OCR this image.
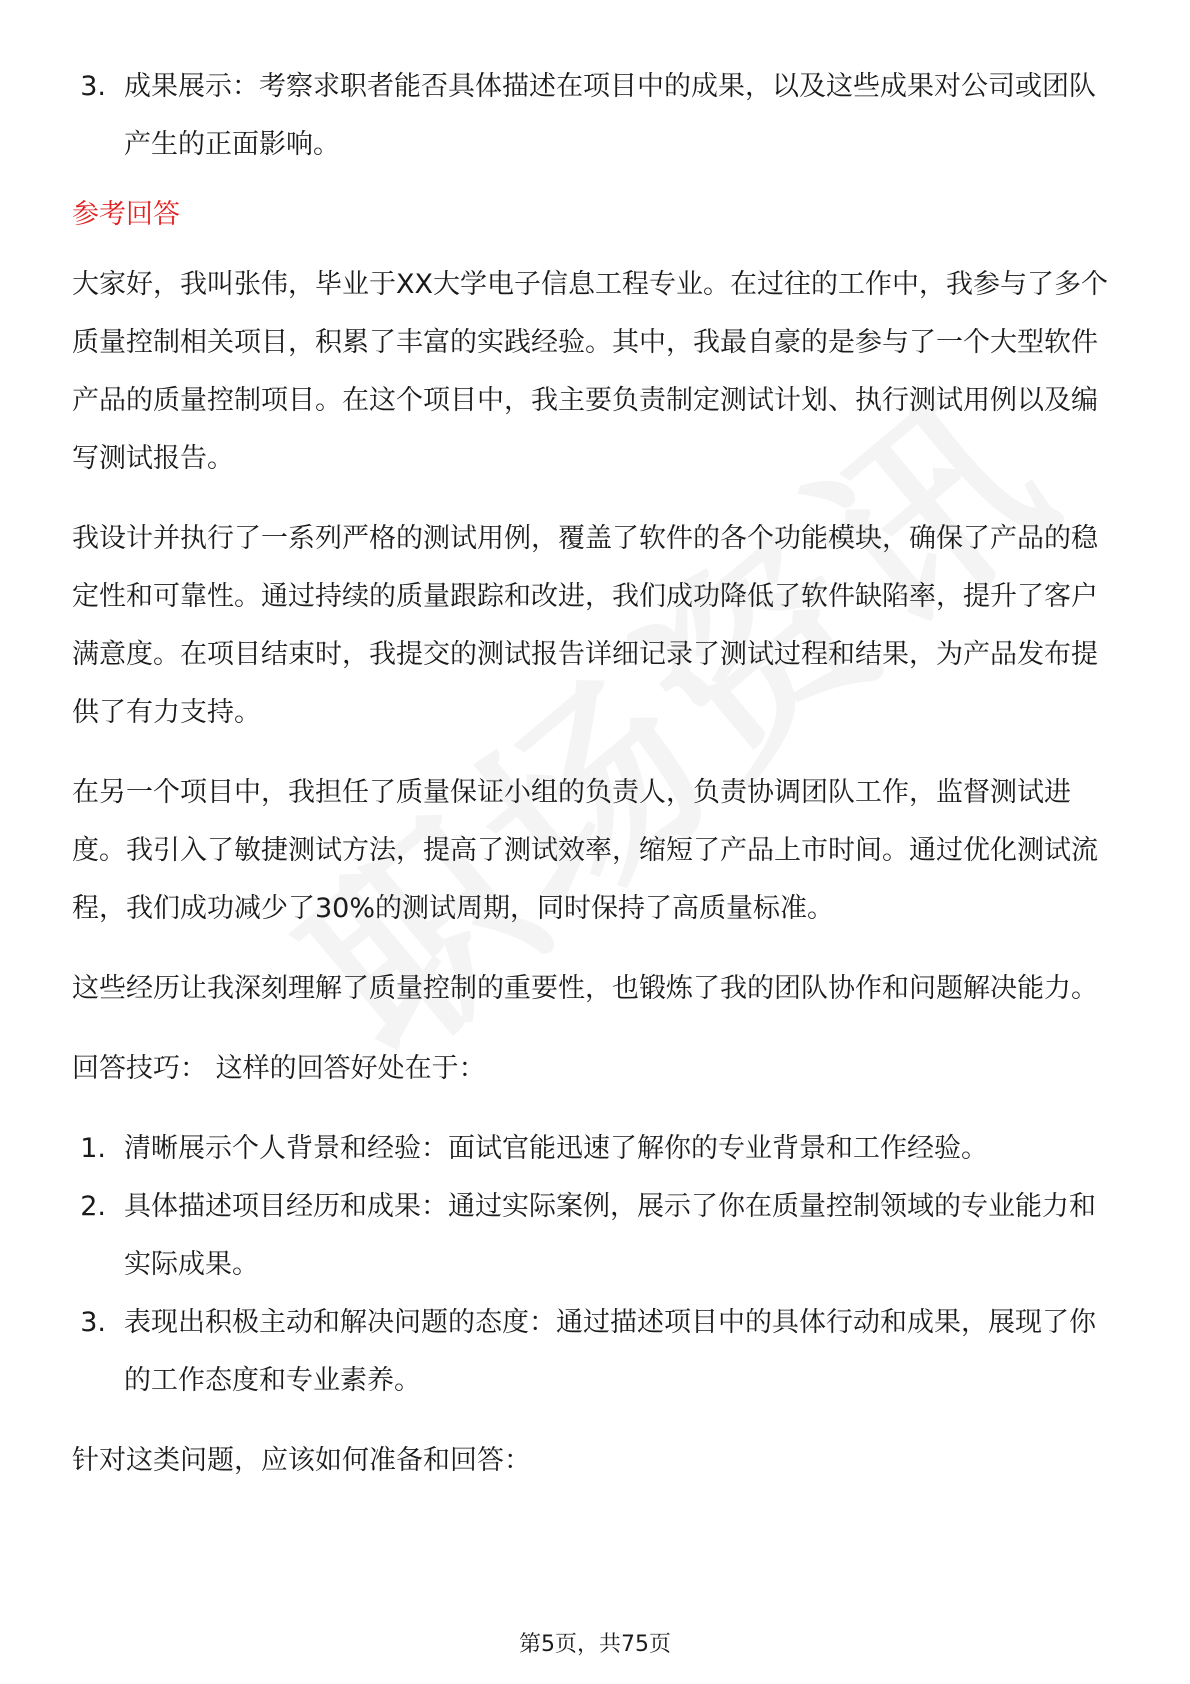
3. 成果展示：考察求职者能否具体描述在项目中的成果，以及这些成果对公司或团队产生的正面影响。

参考回答

大家好，我叫张伟，毕业于XX大学电子信息工程专业。在过往的工作中，我参与了多个质量控制相关项目，积累了丰富的实践经验。其中，我最自豪的是参与了一个大型软件产品的质量控制项目。在这个项目中，我主要负责制定测试计划、执行测试用例以及编写测试报告。

我设计并执行了一系列严格的测试用例，覆盖了软件的各个功能模块，确保了产品的稳定性和可靠性。通过持续的质量跟踪和改进，我们成功降低了软件缺陷率，提升了客户满意度。在项目结束时，我提交的测试报告详细记录了测试过程和结果，为产品发布提供了有力支持。

在另一个项目中，我担任了质量保证小组的负责人，负责协调团队工作，监督测试进度。我引入了敏捷测试方法，提高了测试效率，缩短了产品上市时间。通过优化测试流程，我们成功减少了30%的测试周期，同时保持了高质量标准。

这些经历让我深刻理解了质量控制的重要性，也锻炼了我的团队协作和问题解决能力。

回答技巧： 这样的回答好处在于：

1. 清晰展示个人背景和经验：面试官能迅速了解你的专业背景和工作经验。
2. 具体描述项目经历和成果：通过实际案例，展示了你在质量控制领域的专业能力和实际成果。
3. 表现出积极主动和解决问题的态度：通过描述项目中的具体行动和成果，展现了你的工作态度和专业素养。

针对这类问题，应该如何准备和回答：

第5页，共75页
